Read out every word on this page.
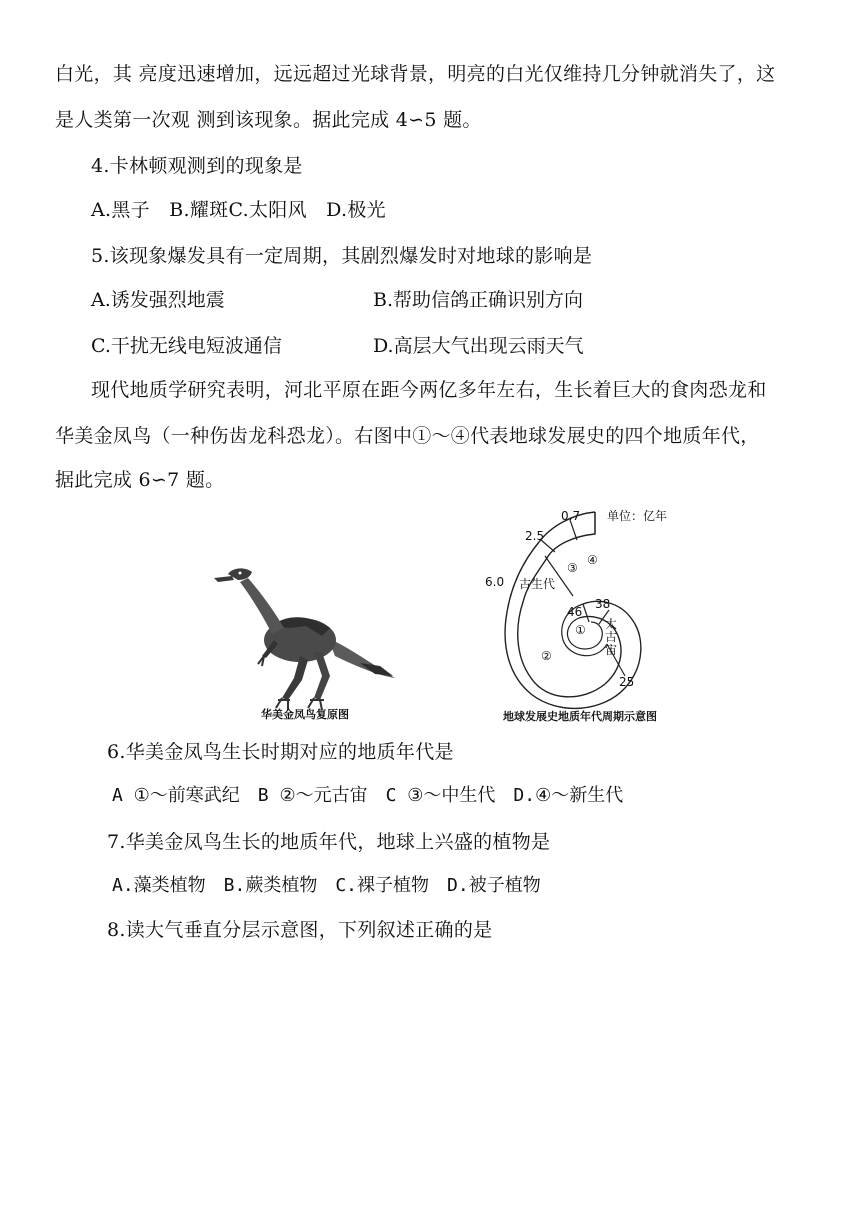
白光，其 亮度迅速增加，远远超过光球背景，明亮的白光仅维持几分钟就消失了，这
是人类第一次观 测到该现象。据此完成 4∽5 题。
4.卡林顿观测到的现象是
A.黑子　B.耀斑C.太阳风　D.极光
5.该现象爆发具有一定周期，其剧烈爆发时对地球的影响是
A.诱发强烈地震	B.帮助信鸽正确识别方向
C.干扰无线电短波通信	D.高层大气出现云雨天气
现代地质学研究表明，河北平原在距今两亿多年左右，生长着巨大的食肉恐龙和
华美金凤鸟（一种伤齿龙科恐龙）。右图中①～④代表地球发展史的四个地质年代，
据此完成 6∽7 题。
华美金凤鸟复原图
0.7 单位：亿年
2.5
6.0 古生代
③
④
46
38
① 太
古
宙
②
25
地球发展史地质年代周期示意图
6.华美金凤鸟生长时期对应的地质年代是
A ①～前寒武纪　B ②～元古宙　C ③～中生代　D.④～新生代
7.华美金凤鸟生长的地质年代，地球上兴盛的植物是
A.藻类植物　B.蕨类植物　C.裸子植物　D.被子植物
8.读大气垂直分层示意图，下列叙述正确的是
